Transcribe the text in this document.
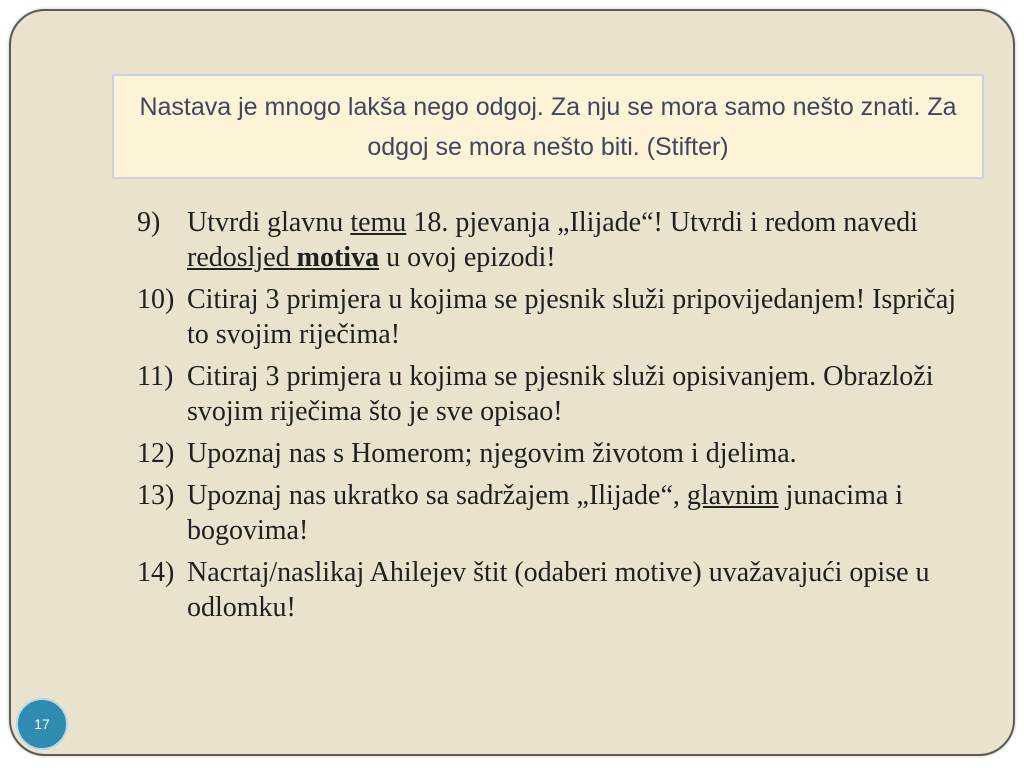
Nastava je mnogo lakša nego odgoj. Za nju se mora samo nešto znati. Za odgoj se mora nešto biti. (Stifter)

9) Utvrdi glavnu temu 18. pjevanja „Ilijade“! Utvrdi i redom navedi redosljed motiva u ovoj epizodi!
10) Citiraj 3 primjera u kojima se pjesnik služi pripovijedanjem! Ispričaj to svojim riječima!
11) Citiraj 3 primjera u kojima se pjesnik služi opisivanjem. Obrazloži svojim riječima što je sve opisao!
12) Upoznaj nas s Homerom; njegovim životom i djelima.
13) Upoznaj nas ukratko sa sadržajem „Ilijade“, glavnim junacima i bogovima!
14) Nacrtaj/naslikaj Ahilejev štit (odaberi motive) uvažavajući opise u odlomku!
17
